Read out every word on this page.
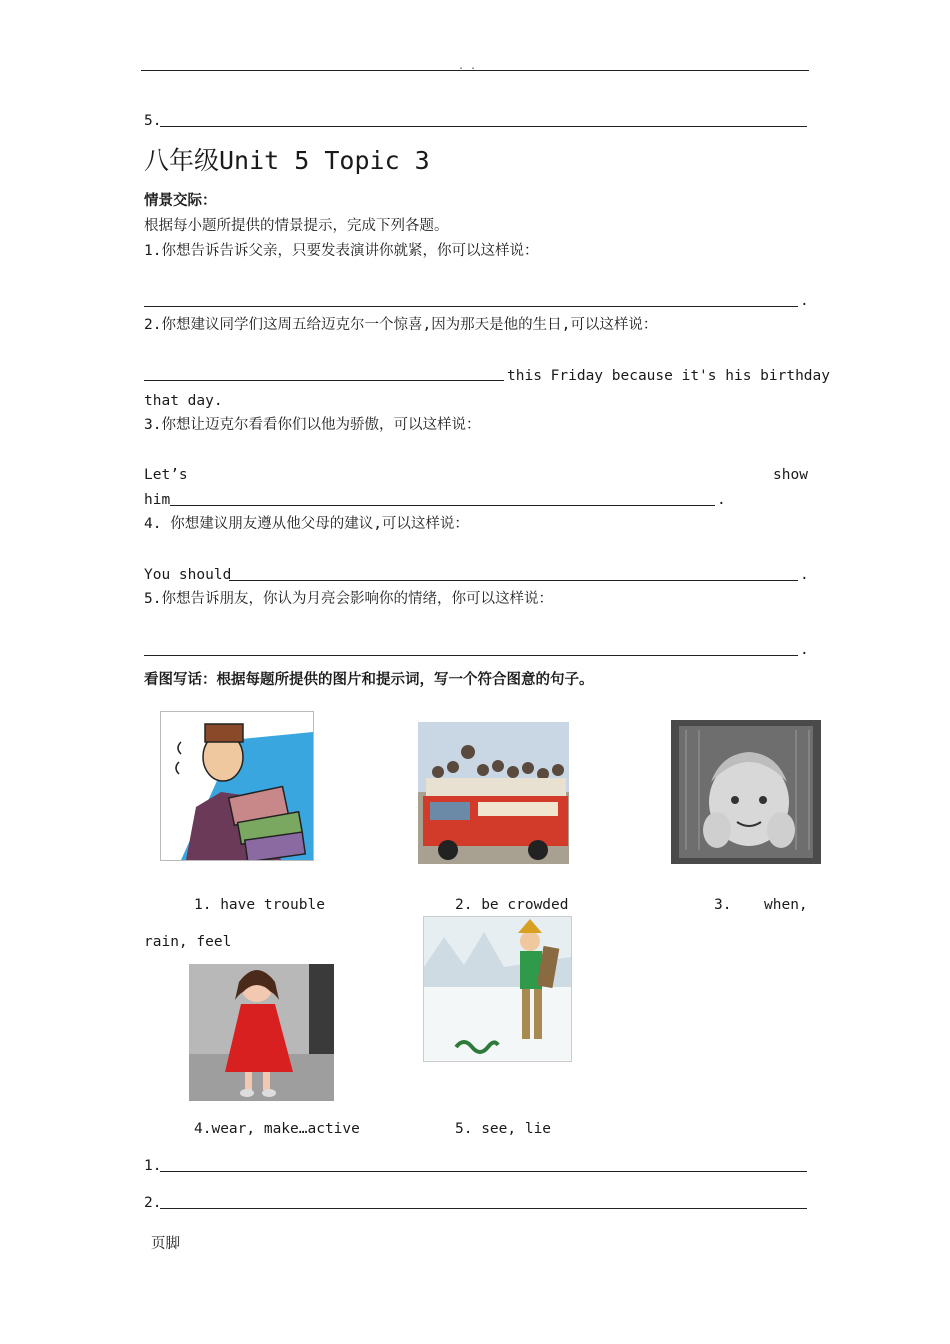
. .
5.
八年级Unit 5 Topic 3
情景交际：
根据每小题所提供的情景提示，完成下列各题。
1.你想告诉告诉父亲，只要发表演讲你就紧，你可以这样说：
.
2.你想建议同学们这周五给迈克尔一个惊喜,因为那天是他的生日,可以这样说：
this Friday because it's his birthday
that day.
3.你想让迈克尔看看你们以他为骄傲，可以这样说：
Let’s	show
him	.
4. 你想建议朋友遵从他父母的建议,可以这样说：
You should	.
5.你想告诉朋友，你认为月亮会影响你的情绪，你可以这样说：
.
看图写话：根据每题所提供的图片和提示词，写一个符合图意的句子。
1. have trouble	2. be crowded	3. when,
rain, feel
4.wear, make…active	5. see, lie
1.
2.
页脚
